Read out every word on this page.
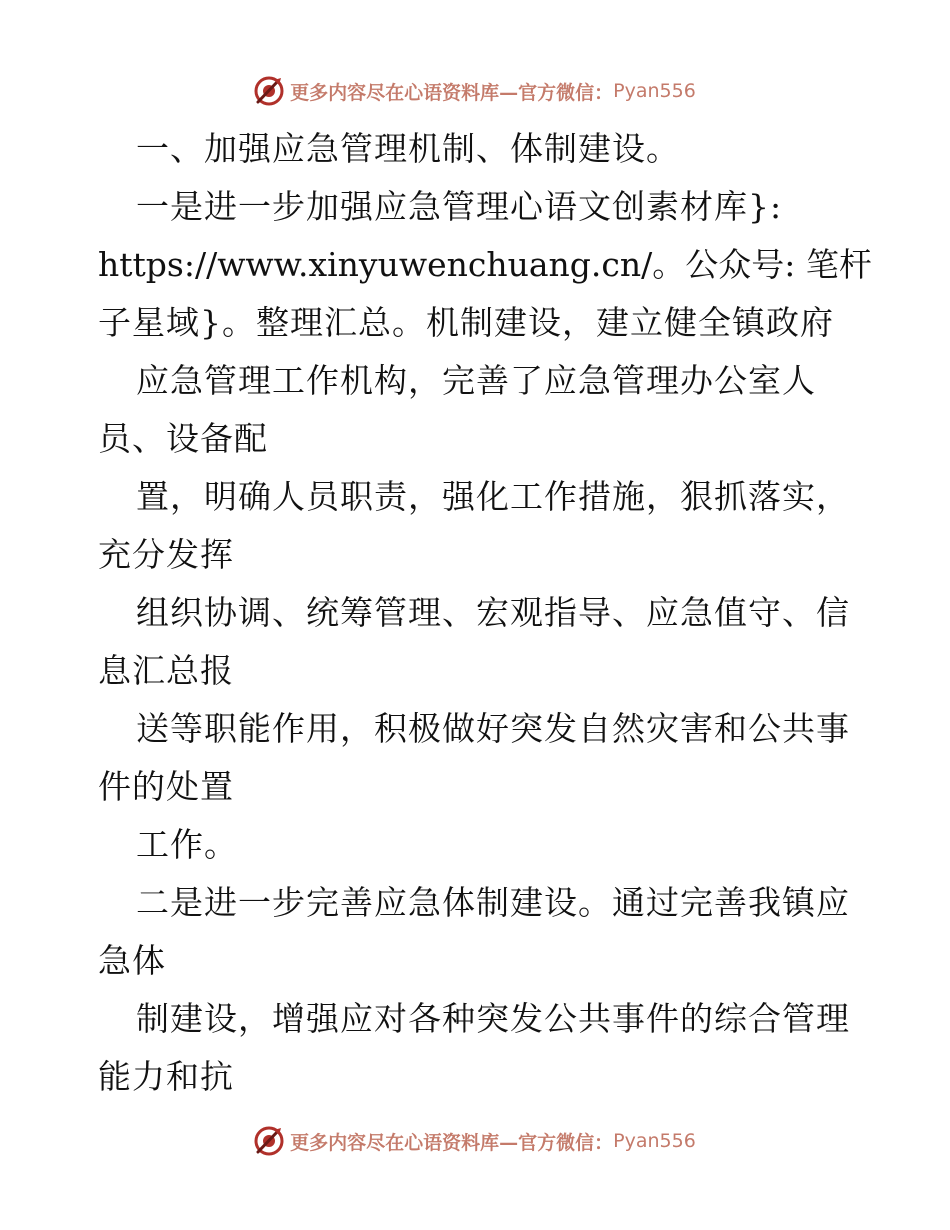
更多内容尽在心语资料库—官方微信： Pyan556
一、加强应急管理机制、体制建设。
一是进一步加强应急管理心语文创素材库}:
https://www.xinyuwenchuang.cn/。公众号: 笔杆
子星域}。整理汇总。机制建设，建立健全镇政府
应急管理工作机构，完善了应急管理办公室人
员、设备配
置，明确人员职责，强化工作措施，狠抓落实，
充分发挥
组织协调、统筹管理、宏观指导、应急值守、信
息汇总报
送等职能作用，积极做好突发自然灾害和公共事
件的处置
工作。
二是进一步完善应急体制建设。通过完善我镇应
急体
制建设，增强应对各种突发公共事件的综合管理
能力和抗
更多内容尽在心语资料库—官方微信： Pyan556
